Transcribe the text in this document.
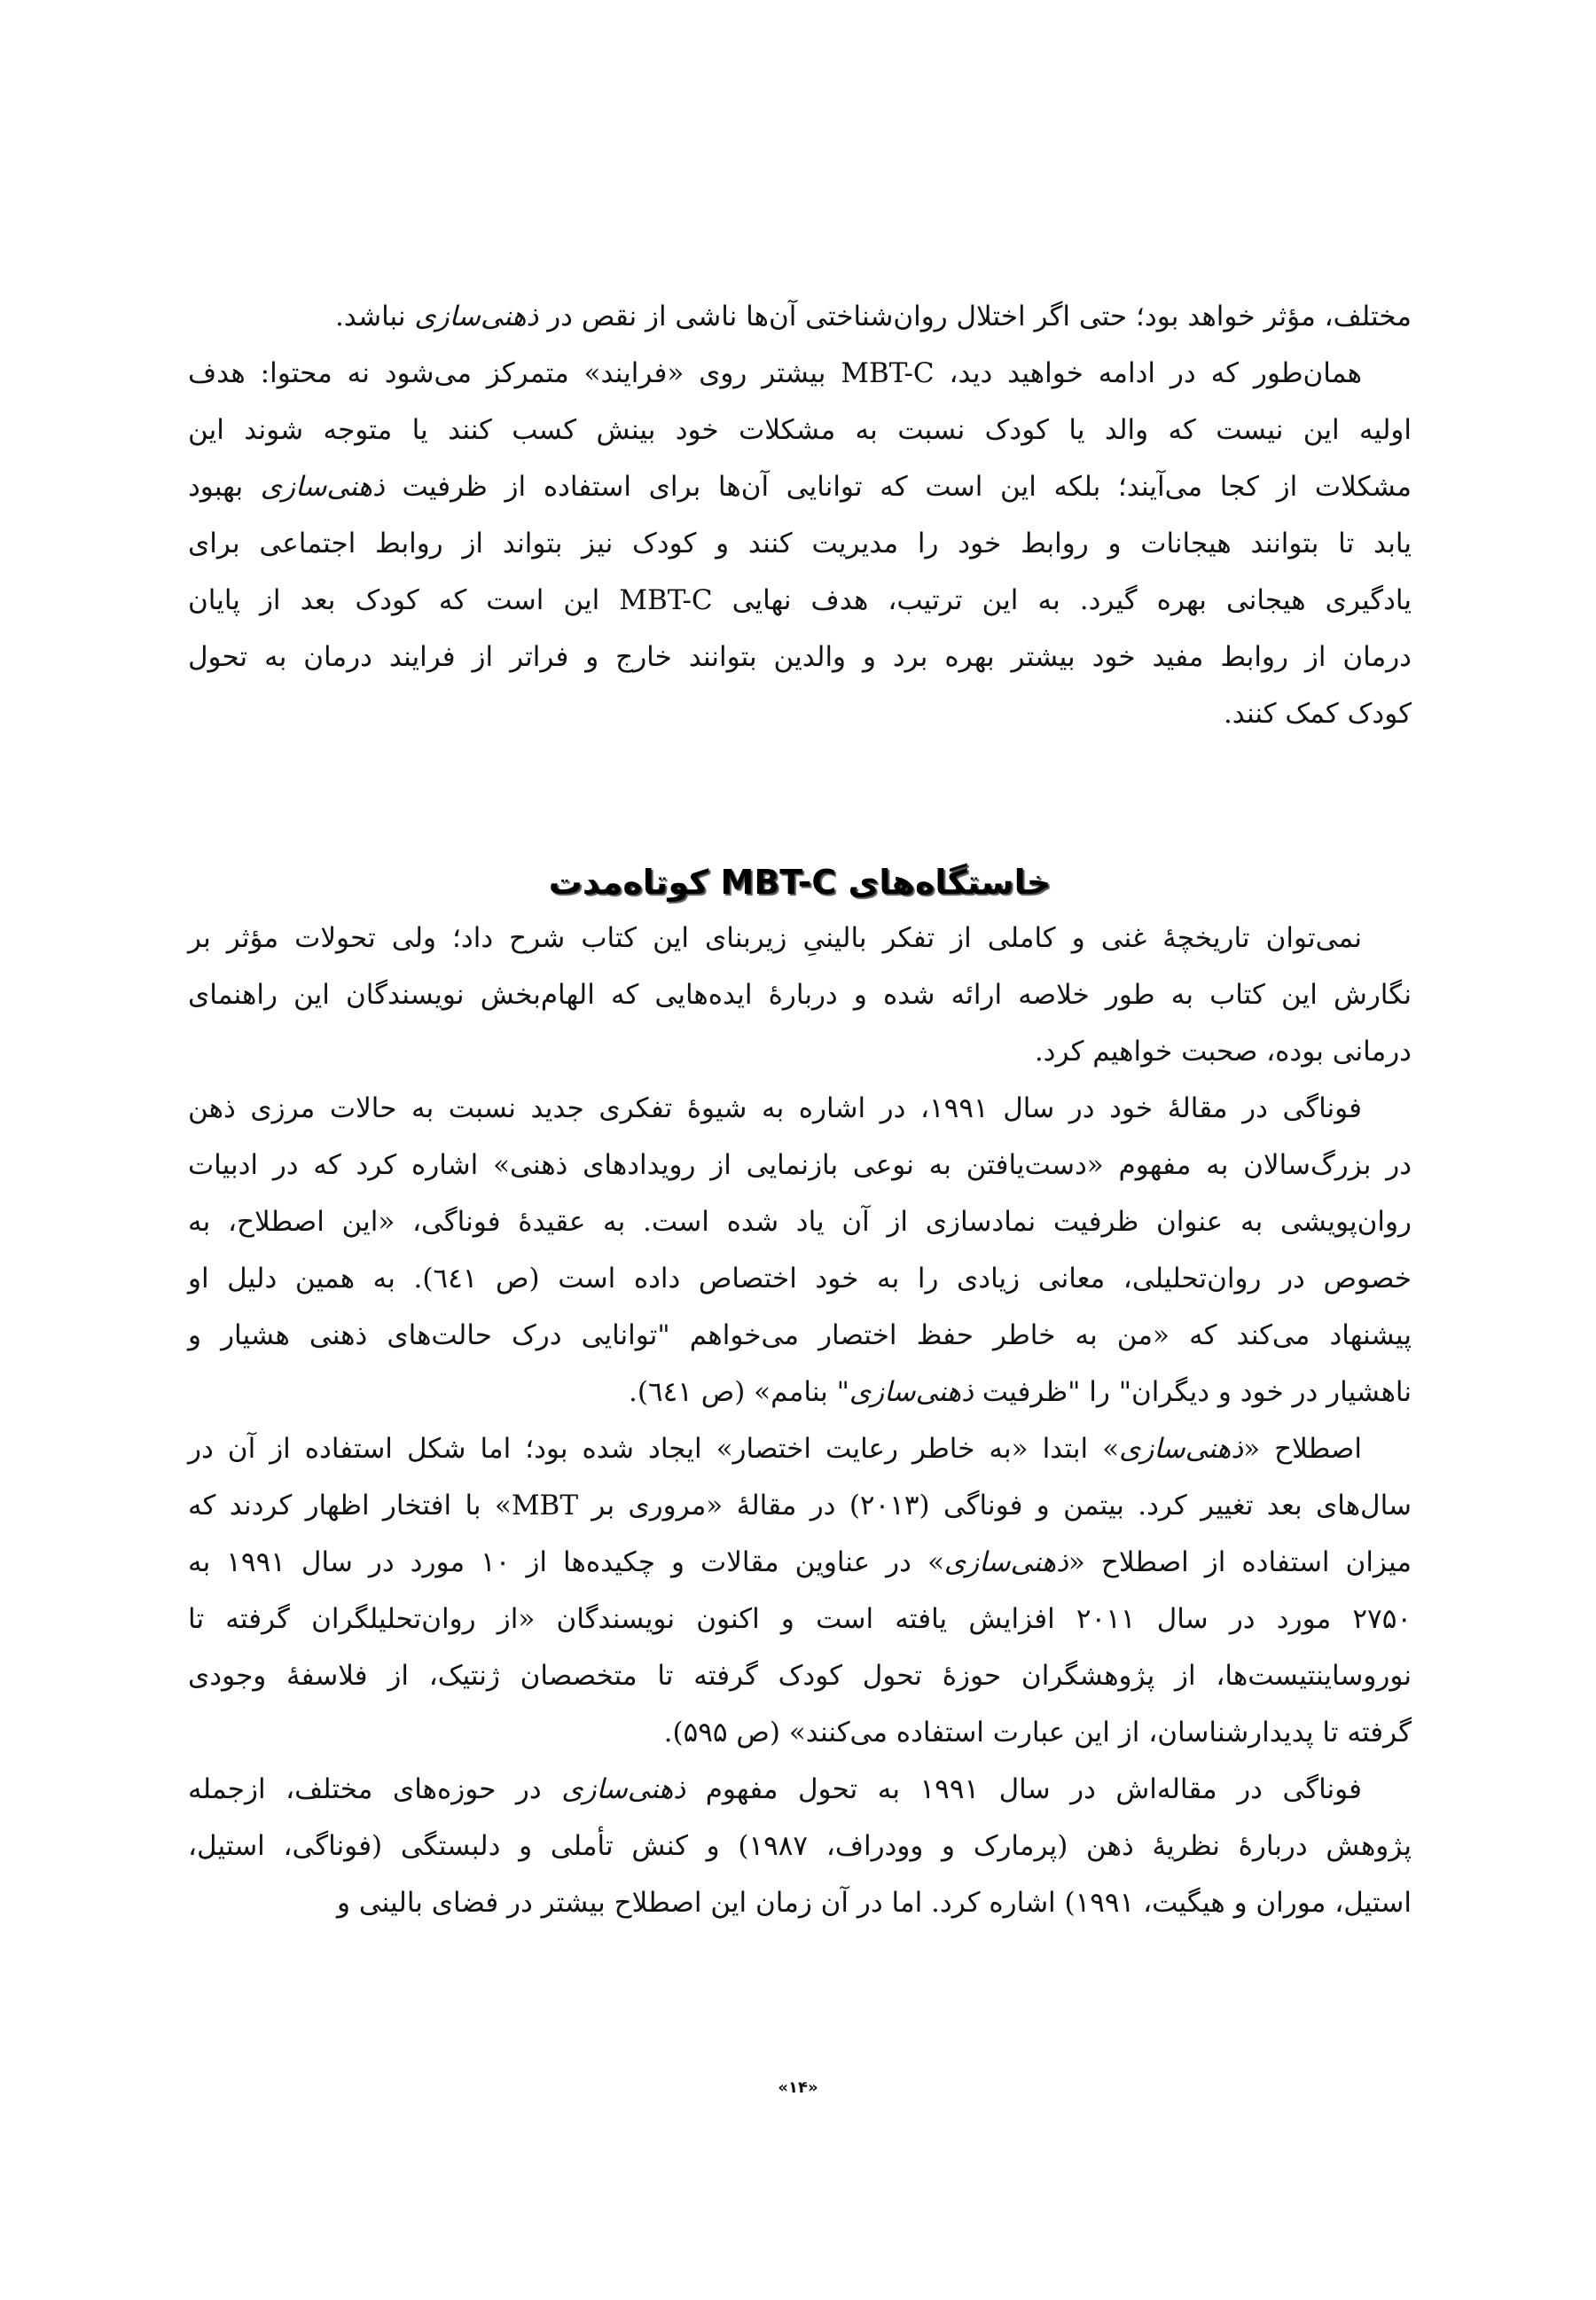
مختلف، مؤثر خواهد بود؛ حتی اگر اختلال روان‌شناختی آن‌ها ناشی از نقص در ذهنی‌سازی نباشد.
همان‌طور که در ادامه خواهید دید، MBT-C بیشتر روی «فرایند» متمرکز می‌شود نه محتوا: هدف
اولیه این نیست که والد یا کودک نسبت به مشکلات خود بینش کسب کنند یا متوجه شوند این
مشکلات از کجا می‌آیند؛ بلکه این است که توانایی آن‌ها برای استفاده از ظرفیت ذهنی‌سازی بهبود
یابد تا بتوانند هیجانات و روابط خود را مدیریت کنند و کودک نیز بتواند از روابط اجتماعی برای
یادگیری هیجانی بهره گیرد. به این ترتیب، هدف نهایی MBT-C این است که کودک بعد از پایان
درمان از روابط مفید خود بیشتر بهره برد و والدین بتوانند خارج و فراتر از فرایند درمان به تحول
کودک کمک کنند.
خاستگاه‌های MBT-C کوتاه‌مدت
نمی‌توان تاریخچهٔ غنی و کاملی از تفکر بالینیِ زیربنای این کتاب شرح داد؛ ولی تحولات مؤثر بر
نگارش این کتاب به طور خلاصه ارائه شده و دربارهٔ ایده‌هایی که الهام‌بخش نویسندگان این راهنمای
درمانی بوده، صحبت خواهیم کرد.
فوناگی در مقالهٔ خود در سال ۱۹۹۱، در اشاره به شیوهٔ تفکری جدید نسبت به حالات مرزی ذهن
در بزرگ‌سالان به مفهوم «دست‌یافتن به نوعی بازنمایی از رویدادهای ذهنی» اشاره کرد که در ادبیات
روان‌پویشی به عنوان ظرفیت نمادسازی از آن یاد شده است. به عقیدهٔ فوناگی، «این اصطلاح، به
خصوص در روان‌تحلیلی، معانی زیادی را به خود اختصاص داده است (ص ٦٤١). به همین دلیل او
پیشنهاد می‌کند که «من به خاطر حفظ اختصار می‌خواهم "توانایی درک حالت‌های ذهنی هشیار و
ناهشیار در خود و دیگران" را "ظرفیت ذهنی‌سازی" بنامم» (ص ٦٤١).
اصطلاح «ذهنی‌سازی» ابتدا «به خاطر رعایت اختصار» ایجاد شده بود؛ اما شکل استفاده از آن در
سال‌های بعد تغییر کرد. بیتمن و فوناگی (۲۰۱۳) در مقالهٔ «مروری بر MBT» با افتخار اظهار کردند که
میزان استفاده از اصطلاح «ذهنی‌سازی» در عناوین مقالات و چکیده‌ها از ۱۰ مورد در سال ۱۹۹۱ به
۲۷۵۰ مورد در سال ۲۰۱۱ افزایش یافته است و اکنون نویسندگان «از روان‌تحلیلگران گرفته تا
نوروساینتیست‌ها، از پژوهشگران حوزهٔ تحول کودک گرفته تا متخصصان ژنتیک، از فلاسفهٔ وجودی
گرفته تا پدیدارشناسان، از این عبارت استفاده می‌کنند» (ص ۵۹۵).
فوناگی در مقاله‌اش در سال ۱۹۹۱ به تحول مفهوم ذهنی‌سازی در حوزه‌های مختلف، ازجمله
پژوهش دربارهٔ نظریهٔ ذهن (پرمارک و وودراف، ۱۹۸۷) و کنش تأملی و دلبستگی (فوناگی، استیل،
استیل، موران و هیگیت، ۱۹۹۱) اشاره کرد. اما در آن زمان این اصطلاح بیشتر در فضای بالینی و
«۱۴»
